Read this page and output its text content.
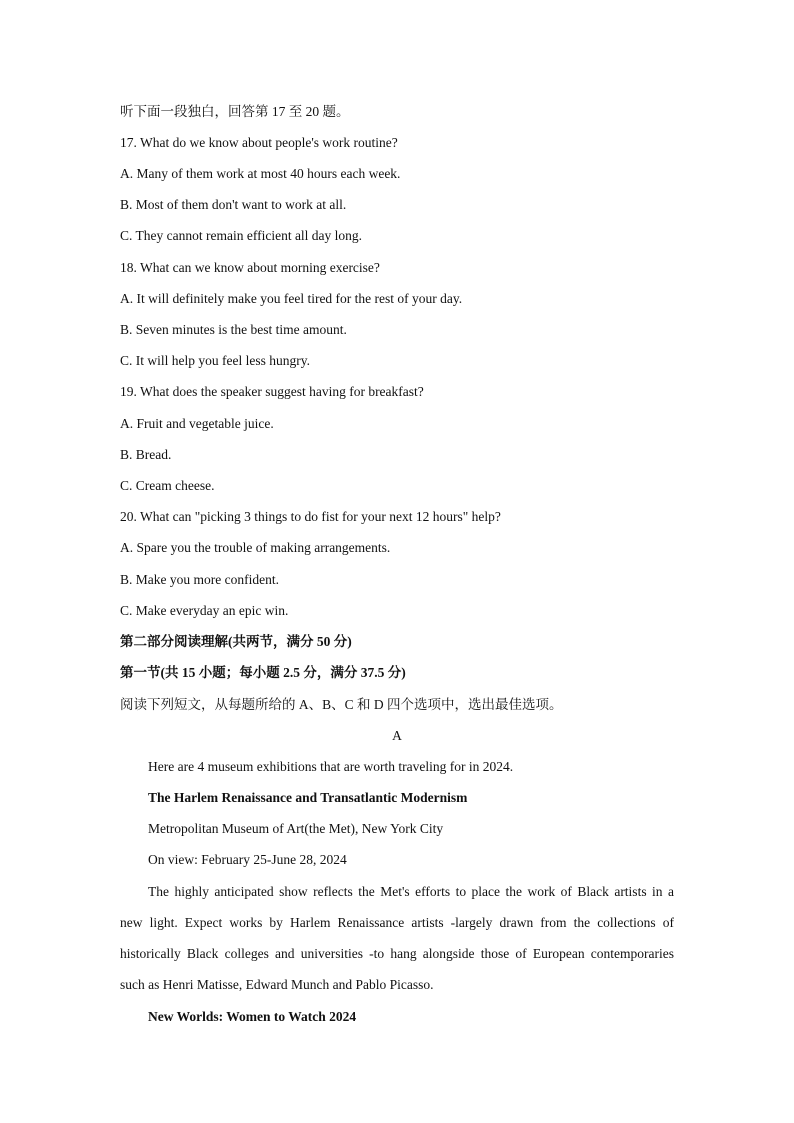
听下面一段独白，回答第 17 至 20 题。
17. What do we know about people's work routine?
A. Many of them work at most 40 hours each week.
B. Most of them don't want to work at all.
C. They cannot remain efficient all day long.
18. What can we know about morning exercise?
A. It will definitely make you feel tired for the rest of your day.
B. Seven minutes is the best time amount.
C. It will help you feel less hungry.
19. What does the speaker suggest having for breakfast?
A. Fruit and vegetable juice.
B. Bread.
C. Cream cheese.
20. What can "picking 3 things to do fist for your next 12 hours" help?
A. Spare you the trouble of making arrangements.
B. Make you more confident.
C. Make everyday an epic win.
第二部分阅读理解(共两节，满分 50 分)
第一节(共 15 小题；每小题 2.5 分，满分 37.5 分)
阅读下列短文，从每题所给的 A、B、C 和 D 四个选项中，选出最佳选项。
A
Here are 4 museum exhibitions that are worth traveling for in 2024.
The Harlem Renaissance and Transatlantic Modernism
Metropolitan Museum of Art(the Met), New York City
On view: February 25-June 28, 2024
The highly anticipated show reflects the Met's efforts to place the work of Black artists in a
new light. Expect works by Harlem Renaissance artists -largely drawn from the collections of
historically Black colleges and universities -to hang alongside those of European contemporaries
such as Henri Matisse, Edward Munch and Pablo Picasso.
New Worlds: Women to Watch 2024
